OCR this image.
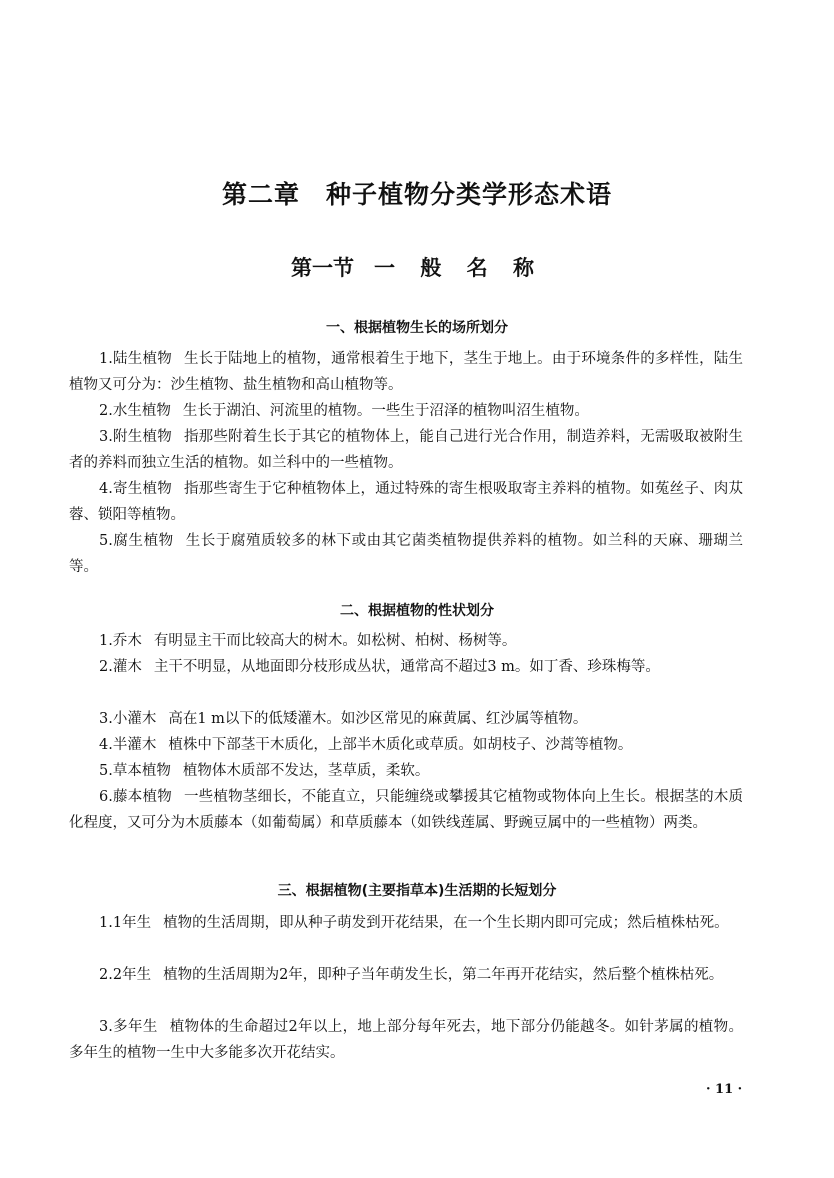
第二章 种子植物分类学形态术语
第一节 一 般 名 称
一、根据植物生长的场所划分
1.陆生植物 生长于陆地上的植物，通常根着生于地下，茎生于地上。由于环境条件的多样性，陆生植物又可分为：沙生植物、盐生植物和高山植物等。
2.水生植物 生长于湖泊、河流里的植物。一些生于沼泽的植物叫沼生植物。
3.附生植物 指那些附着生长于其它的植物体上，能自己进行光合作用，制造养料，无需吸取被附生者的养料而独立生活的植物。如兰科中的一些植物。
4.寄生植物 指那些寄生于它种植物体上，通过特殊的寄生根吸取寄主养料的植物。如菟丝子、肉苁蓉、锁阳等植物。
5.腐生植物 生长于腐殖质较多的林下或由其它菌类植物提供养料的植物。如兰科的天麻、珊瑚兰等。
二、根据植物的性状划分
1.乔木 有明显主干而比较高大的树木。如松树、柏树、杨树等。
2.灌木 主干不明显，从地面即分枝形成丛状，通常高不超过3 m。如丁香、珍珠梅等。
3.小灌木 高在1 m以下的低矮灌木。如沙区常见的麻黄属、红沙属等植物。
4.半灌木 植株中下部茎干木质化，上部半木质化或草质。如胡枝子、沙蒿等植物。
5.草本植物 植物体木质部不发达，茎草质，柔软。
6.藤本植物 一些植物茎细长，不能直立，只能缠绕或攀援其它植物或物体向上生长。根据茎的木质化程度，又可分为木质藤本（如葡萄属）和草质藤本（如铁线莲属、野豌豆属中的一些植物）两类。
三、根据植物(主要指草本)生活期的长短划分
1.1年生 植物的生活周期，即从种子萌发到开花结果，在一个生长期内即可完成；然后植株枯死。
2.2年生 植物的生活周期为2年，即种子当年萌发生长，第二年再开花结实，然后整个植株枯死。
3.多年生 植物体的生命超过2年以上，地上部分每年死去，地下部分仍能越冬。如针茅属的植物。多年生的植物一生中大多能多次开花结实。
· 11 ·
